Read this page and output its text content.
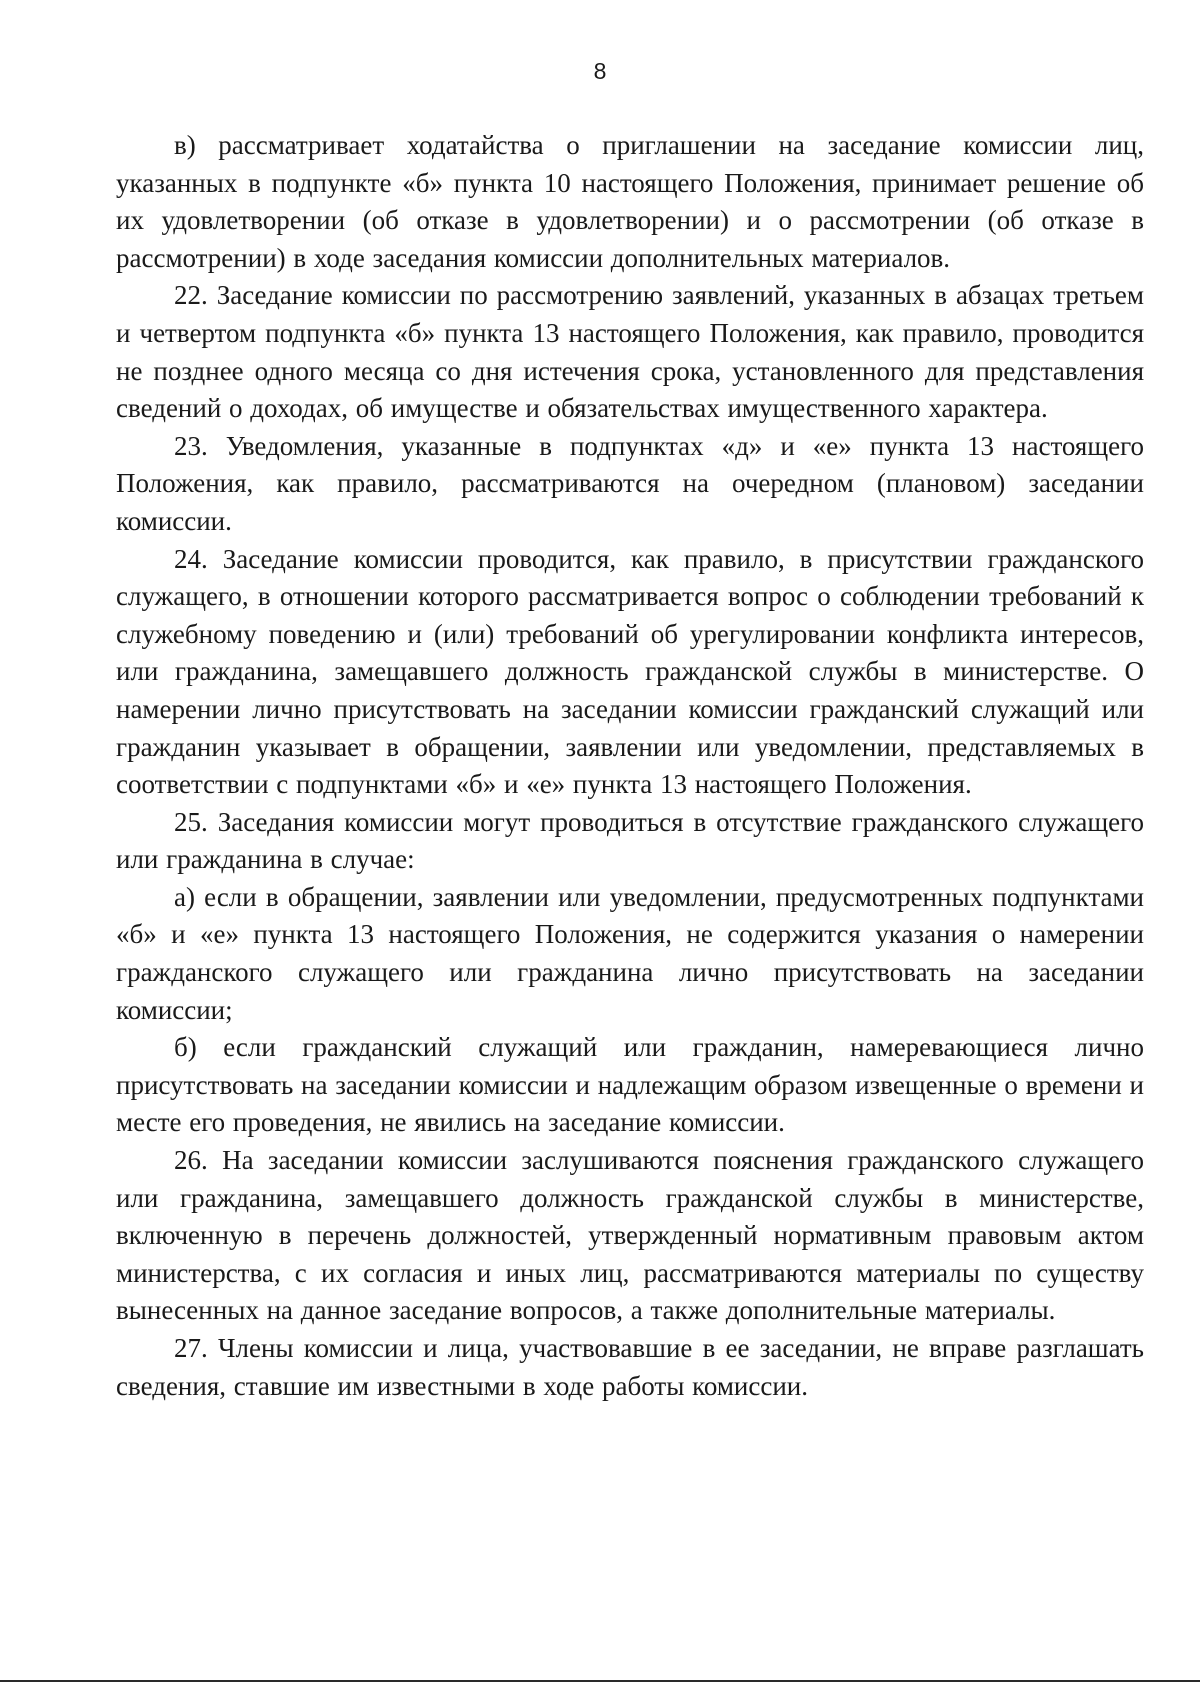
8

в) рассматривает ходатайства о приглашении на заседание комиссии лиц, указанных в подпункте «б» пункта 10 настоящего Положения, принимает решение об их удовлетворении (об отказе в удовлетворении) и о рассмотрении (об отказе в рассмотрении) в ходе заседания комиссии дополнительных материалов.

22. Заседание комиссии по рассмотрению заявлений, указанных в абзацах третьем и четвертом подпункта «б» пункта 13 настоящего Положения, как правило, проводится не позднее одного месяца со дня истечения срока, установленного для представления сведений о доходах, об имуществе и обязательствах имущественного характера.

23. Уведомления, указанные в подпунктах «д» и «е» пункта 13 настоящего Положения, как правило, рассматриваются на очередном (плановом) заседании комиссии.

24. Заседание комиссии проводится, как правило, в присутствии гражданского служащего, в отношении которого рассматривается вопрос о соблюдении требований к служебному поведению и (или) требований об урегулировании конфликта интересов, или гражданина, замещавшего должность гражданской службы в министерстве. О намерении лично присутствовать на заседании комиссии гражданский служащий или гражданин указывает в обращении, заявлении или уведомлении, представляемых в соответствии с подпунктами «б» и «е» пункта 13 настоящего Положения.

25. Заседания комиссии могут проводиться в отсутствие гражданского служащего или гражданина в случае:

а) если в обращении, заявлении или уведомлении, предусмотренных подпунктами «б» и «е» пункта 13 настоящего Положения, не содержится указания о намерении гражданского служащего или гражданина лично присутствовать на заседании комиссии;

б) если гражданский служащий или гражданин, намеревающиеся лично присутствовать на заседании комиссии и надлежащим образом извещенные о времени и месте его проведения, не явились на заседание комиссии.

26. На заседании комиссии заслушиваются пояснения гражданского служащего или гражданина, замещавшего должность гражданской службы в министерстве, включенную в перечень должностей, утвержденный нормативным правовым актом министерства, с их согласия и иных лиц, рассматриваются материалы по существу вынесенных на данное заседание вопросов, а также дополнительные материалы.

27. Члены комиссии и лица, участвовавшие в ее заседании, не вправе разглашать сведения, ставшие им известными в ходе работы комиссии.
